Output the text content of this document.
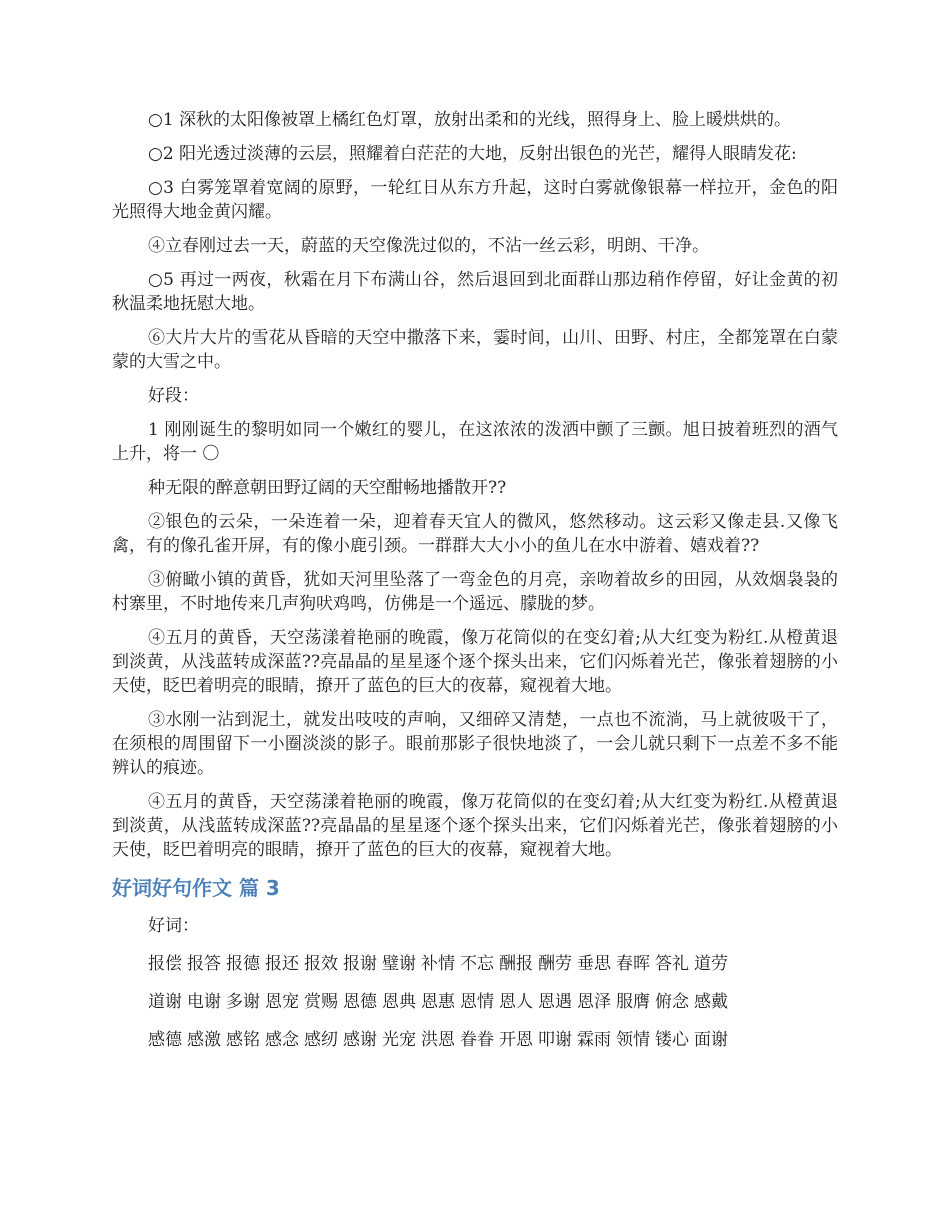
○1 深秋的太阳像被罩上橘红色灯罩，放射出柔和的光线，照得身上、脸上暖烘烘的。

○2 阳光透过淡薄的云层，照耀着白茫茫的大地，反射出银色的光芒，耀得人眼睛发花:

○3 白雾笼罩着宽阔的原野，一轮红日从东方升起，这时白雾就像银幕一样拉开，金色的阳光照得大地金黄闪耀。

④立春刚过去一天，蔚蓝的天空像洗过似的，不沾一丝云彩，明朗、干净。

○5 再过一两夜，秋霜在月下布满山谷，然后退回到北面群山那边稍作停留，好让金黄的初秋温柔地抚慰大地。

⑥大片大片的雪花从昏暗的天空中撒落下来，霎时间，山川、田野、村庄，全都笼罩在白蒙蒙的大雪之中。

好段：

1 刚刚诞生的黎明如同一个嫩红的婴儿，在这浓浓的泼洒中颤了三颤。旭日披着班烈的酒气上升，将一 〇

种无限的醉意朝田野辽阔的天空酣畅地播散开??

②银色的云朵，一朵连着一朵，迎着春天宜人的微风，悠然移动。这云彩又像走县.又像飞禽，有的像孔雀开屏，有的像小鹿引颈。一群群大大小小的鱼儿在水中游着、嬉戏着??

③俯瞰小镇的黄昏，犹如天河里坠落了一弯金色的月亮，亲吻着故乡的田园，从效烟袅袅的村寨里，不时地传来几声狗吠鸡鸣，仿佛是一个遥远、朦胧的梦。

④五月的黄昏，天空荡漾着艳丽的晚霞，像万花筒似的在变幻着;从大红变为粉红.从橙黄退到淡黄，从浅蓝转成深蓝??亮晶晶的星星逐个逐个探头出来，它们闪烁着光芒，像张着翅膀的小天使，眨巴着明亮的眼睛，撩开了蓝色的巨大的夜幕，窥视着大地。

③水刚一沾到泥土，就发出吱吱的声响，又细碎又清楚，一点也不流淌，马上就彼吸干了，在须根的周围留下一小圈淡淡的影子。眼前那影子很快地淡了，一会儿就只剩下一点差不多不能辨认的痕迹。

④五月的黄昏，天空荡漾着艳丽的晚霞，像万花筒似的在变幻着;从大红变为粉红.从橙黄退到淡黄，从浅蓝转成深蓝??亮晶晶的星星逐个逐个探头出来，它们闪烁着光芒，像张着翅膀的小天使，眨巴着明亮的眼睛，撩开了蓝色的巨大的夜幕，窥视着大地。

好词好句作文 篇 3
好词：
报偿 报答 报德 报还 报效 报谢 璧谢 补情 不忘 酬报 酬劳 垂思 春晖 答礼 道劳
道谢 电谢 多谢 恩宠 赏赐 恩德 恩典 恩惠 恩情 恩人 恩遇 恩泽 服膺 俯念 感戴
感德 感激 感铭 感念 感纫 感谢 光宠 洪恩 眷眷 开恩 叩谢 霖雨 领情 镂心 面谢
